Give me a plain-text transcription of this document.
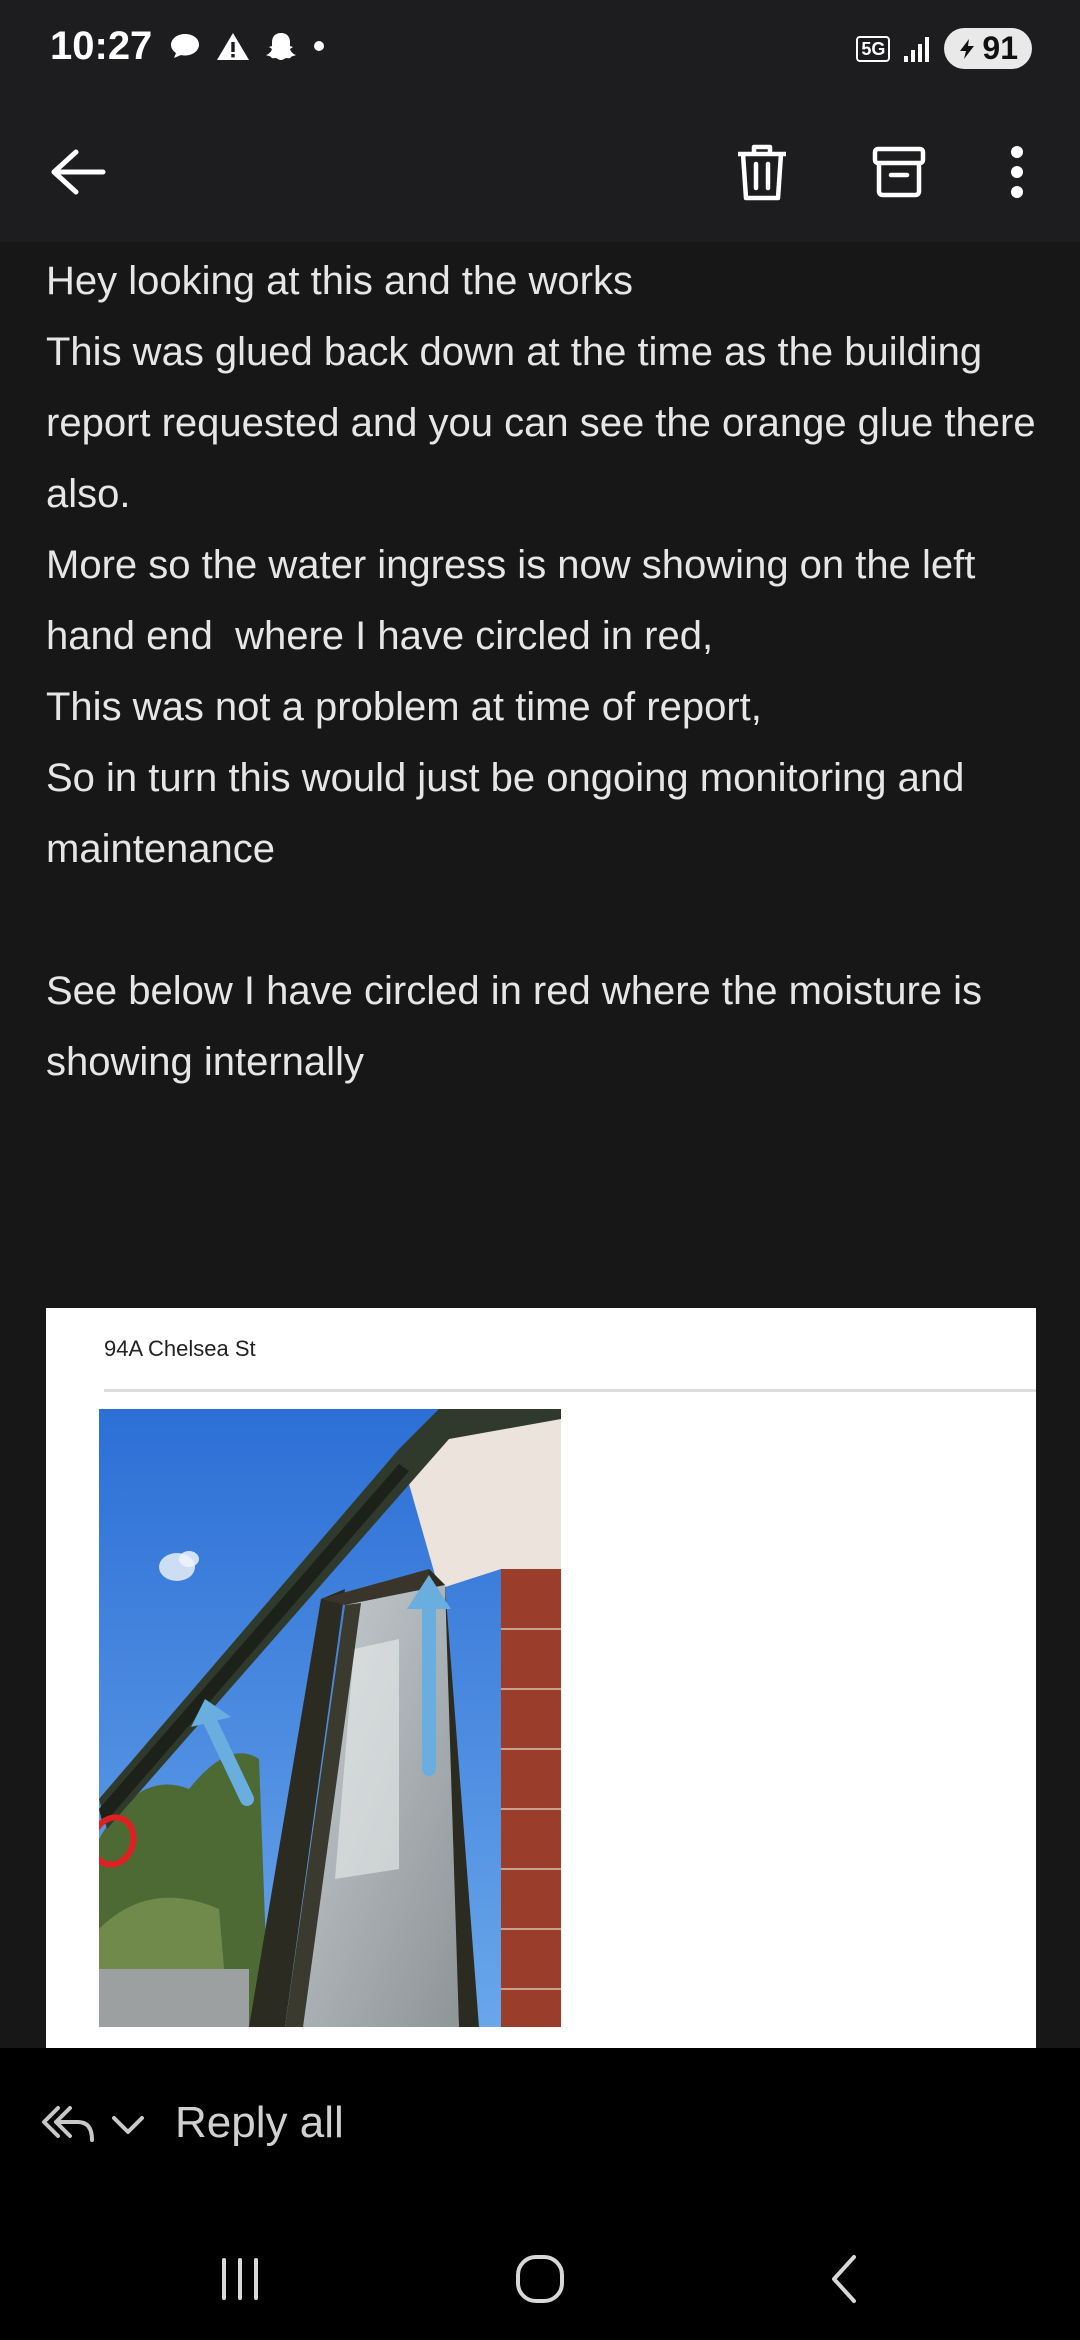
10:27	5G	91
Hey looking at this and the works
This was glued back down at the time as the building report requested and you can see the orange glue there also.
More so the water ingress is now showing on the left hand end  where I have circled in red,
This was not a problem at time of report,
So in turn this would just be ongoing monitoring and maintenance
See below I have circled in red where the moisture is showing internally
94A Chelsea St
Reply all
